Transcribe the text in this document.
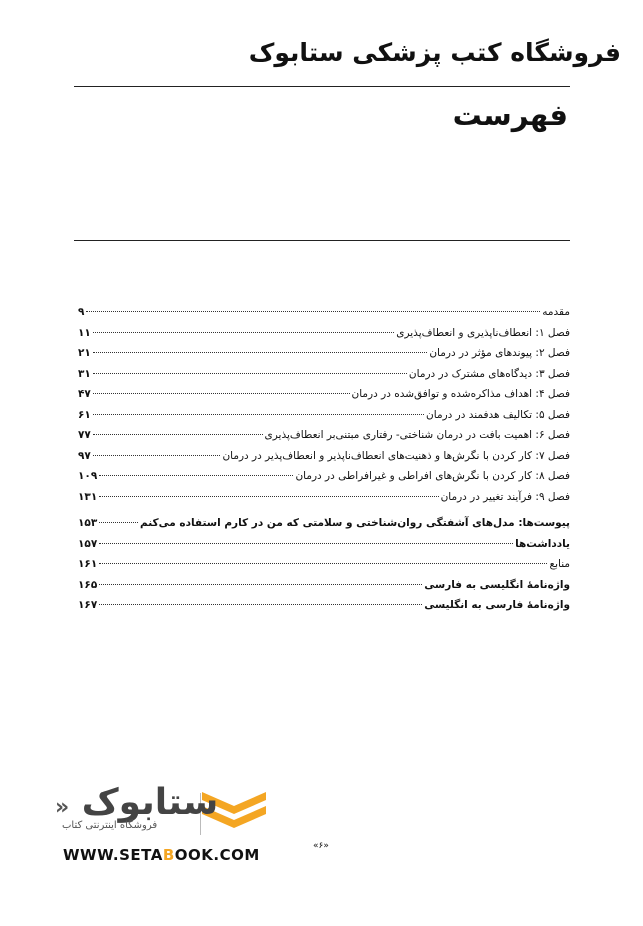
فروشگاه کتب پزشکی ستابوک
فهرست
مقدمه
۹
فصل ۱: انعطاف‌ناپذیری و انعطاف‌پذیری
۱۱
فصل ۲: پیوندهای مؤثر در درمان
۲۱
فصل ۳: دیدگاه‌های مشترک در درمان
۳۱
فصل ۴: اهداف مذاکره‌شده و توافق‌شده در درمان
۴۷
فصل ۵: تکالیف هدفمند در درمان
۶۱
فصل ۶: اهمیت بافت در درمان شناختی- رفتاری مبتنی‌بر انعطاف‌پذیری
۷۷
فصل ۷: کار کردن با نگرش‌ها و ذهنیت‌های انعطاف‌ناپذیر و انعطاف‌پذیر در درمان
۹۷
فصل ۸: کار کردن با نگرش‌های افراطی و غیرافراطی در درمان
۱۰۹
فصل ۹: فرآیند تغییر در درمان
۱۳۱
پیوست‌ها: مدل‌های آشفتگی روان‌شناختی و سلامتی که من در کارم استفاده می‌کنم
۱۵۳
یادداشت‌ها
۱۵۷
منابع
۱۶۱
واژه‌نامهٔ انگلیسی به فارسی
۱۶۵
واژه‌نامهٔ فارسی به انگلیسی
۱۶۷
ستابوک «
فروشگاه اینترنتی کتاب
WWW.SETABOOK.COM	«۶»
